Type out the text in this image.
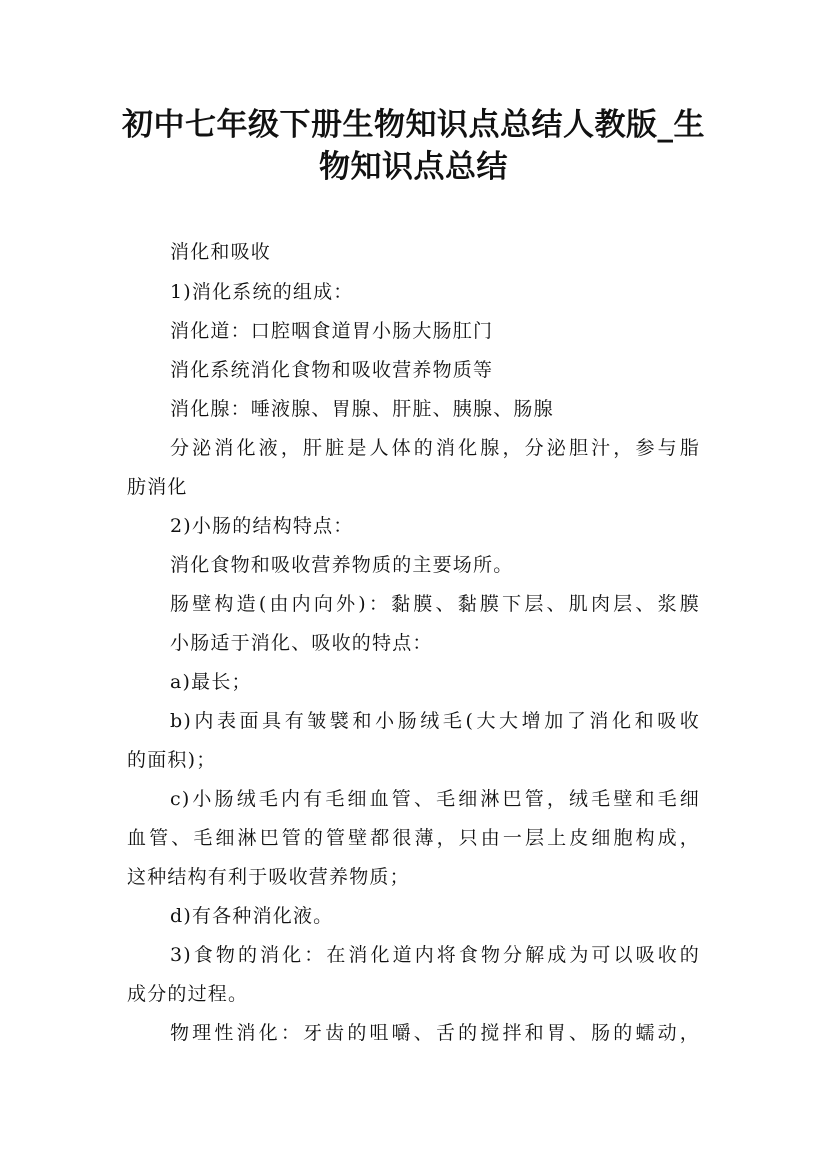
初中七年级下册生物知识点总结人教版_生
物知识点总结
消化和吸收
1)消化系统的组成：
消化道：口腔咽食道胃小肠大肠肛门
消化系统消化食物和吸收营养物质等
消化腺：唾液腺、胃腺、肝脏、胰腺、肠腺
分泌消化液，肝脏是人体的消化腺，分泌胆汁，参与脂
肪消化
2)小肠的结构特点：
消化食物和吸收营养物质的主要场所。
肠壁构造(由内向外)：黏膜、黏膜下层、肌肉层、浆膜
小肠适于消化、吸收的特点：
a)最长；
b)内表面具有皱襞和小肠绒毛(大大增加了消化和吸收
的面积)；
c)小肠绒毛内有毛细血管、毛细淋巴管，绒毛壁和毛细
血管、毛细淋巴管的管壁都很薄，只由一层上皮细胞构成，
这种结构有利于吸收营养物质；
d)有各种消化液。
3)食物的消化：在消化道内将食物分解成为可以吸收的
成分的过程。
物理性消化：牙齿的咀嚼、舌的搅拌和胃、肠的蠕动，
